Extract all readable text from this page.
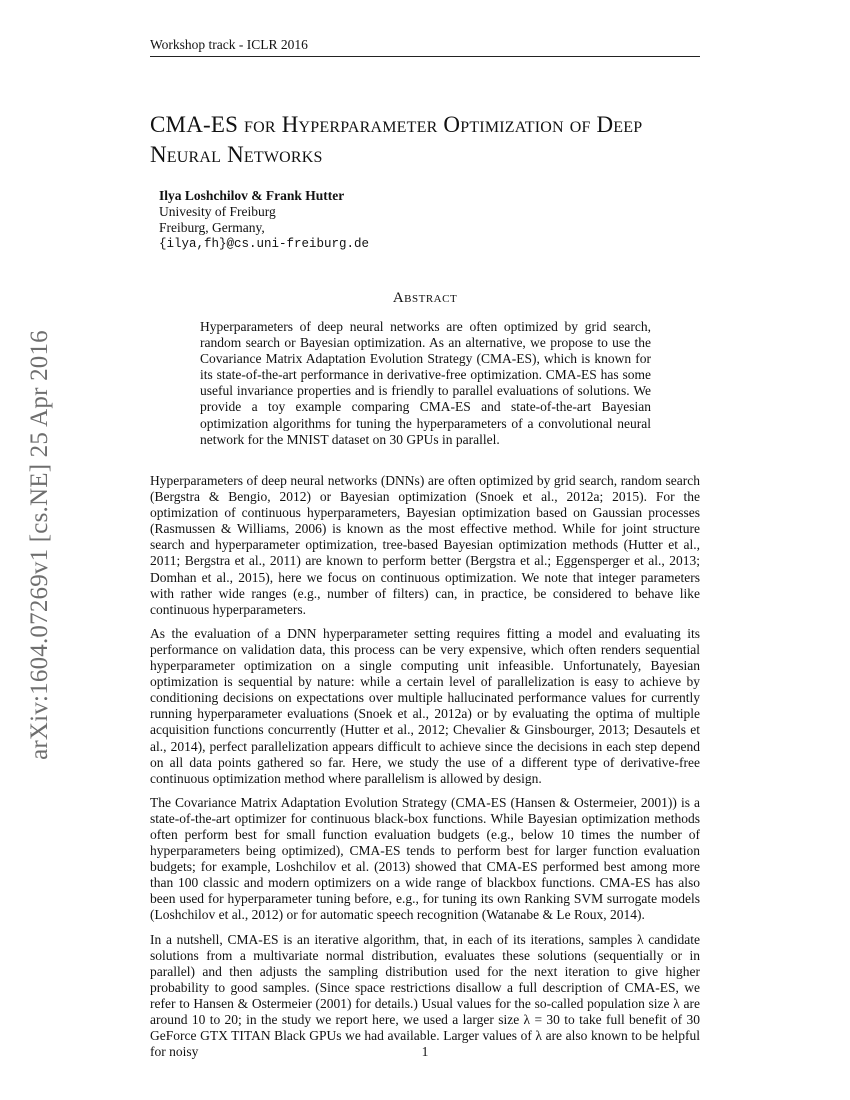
Workshop track - ICLR 2016
arXiv:1604.07269v1 [cs.NE] 25 Apr 2016
CMA-ES for Hyperparameter Optimization of Deep Neural Networks
Ilya Loshchilov & Frank Hutter
Univesity of Freiburg
Freiburg, Germany,
{ilya,fh}@cs.uni-freiburg.de
Abstract
Hyperparameters of deep neural networks are often optimized by grid search, random search or Bayesian optimization. As an alternative, we propose to use the Covariance Matrix Adaptation Evolution Strategy (CMA-ES), which is known for its state-of-the-art performance in derivative-free optimization. CMA-ES has some useful invariance properties and is friendly to parallel evaluations of solutions. We provide a toy example comparing CMA-ES and state-of-the-art Bayesian optimization algorithms for tuning the hyperparameters of a convolutional neural network for the MNIST dataset on 30 GPUs in parallel.

Hyperparameters of deep neural networks (DNNs) are often optimized by grid search, random search (Bergstra & Bengio, 2012) or Bayesian optimization (Snoek et al., 2012a; 2015). For the optimization of continuous hyperparameters, Bayesian optimization based on Gaussian processes (Rasmussen & Williams, 2006) is known as the most effective method. While for joint structure search and hyperparameter optimization, tree-based Bayesian optimization methods (Hutter et al., 2011; Bergstra et al., 2011) are known to perform better (Bergstra et al.; Eggensperger et al., 2013; Domhan et al., 2015), here we focus on continuous optimization. We note that integer parameters with rather wide ranges (e.g., number of filters) can, in practice, be considered to behave like continuous hyperparameters.

As the evaluation of a DNN hyperparameter setting requires fitting a model and evaluating its performance on validation data, this process can be very expensive, which often renders sequential hyperparameter optimization on a single computing unit infeasible. Unfortunately, Bayesian optimization is sequential by nature: while a certain level of parallelization is easy to achieve by conditioning decisions on expectations over multiple hallucinated performance values for currently running hyperparameter evaluations (Snoek et al., 2012a) or by evaluating the optima of multiple acquisition functions concurrently (Hutter et al., 2012; Chevalier & Ginsbourger, 2013; Desautels et al., 2014), perfect parallelization appears difficult to achieve since the decisions in each step depend on all data points gathered so far. Here, we study the use of a different type of derivative-free continuous optimization method where parallelism is allowed by design.

The Covariance Matrix Adaptation Evolution Strategy (CMA-ES (Hansen & Ostermeier, 2001)) is a state-of-the-art optimizer for continuous black-box functions. While Bayesian optimization methods often perform best for small function evaluation budgets (e.g., below 10 times the number of hyperparameters being optimized), CMA-ES tends to perform best for larger function evaluation budgets; for example, Loshchilov et al. (2013) showed that CMA-ES performed best among more than 100 classic and modern optimizers on a wide range of blackbox functions. CMA-ES has also been used for hyperparameter tuning before, e.g., for tuning its own Ranking SVM surrogate models (Loshchilov et al., 2012) or for automatic speech recognition (Watanabe & Le Roux, 2014).

In a nutshell, CMA-ES is an iterative algorithm, that, in each of its iterations, samples λ candidate solutions from a multivariate normal distribution, evaluates these solutions (sequentially or in parallel) and then adjusts the sampling distribution used for the next iteration to give higher probability to good samples. (Since space restrictions disallow a full description of CMA-ES, we refer to Hansen & Ostermeier (2001) for details.) Usual values for the so-called population size λ are around 10 to 20; in the study we report here, we used a larger size λ = 30 to take full benefit of 30 GeForce GTX TITAN Black GPUs we had available. Larger values of λ are also known to be helpful for noisy	1
